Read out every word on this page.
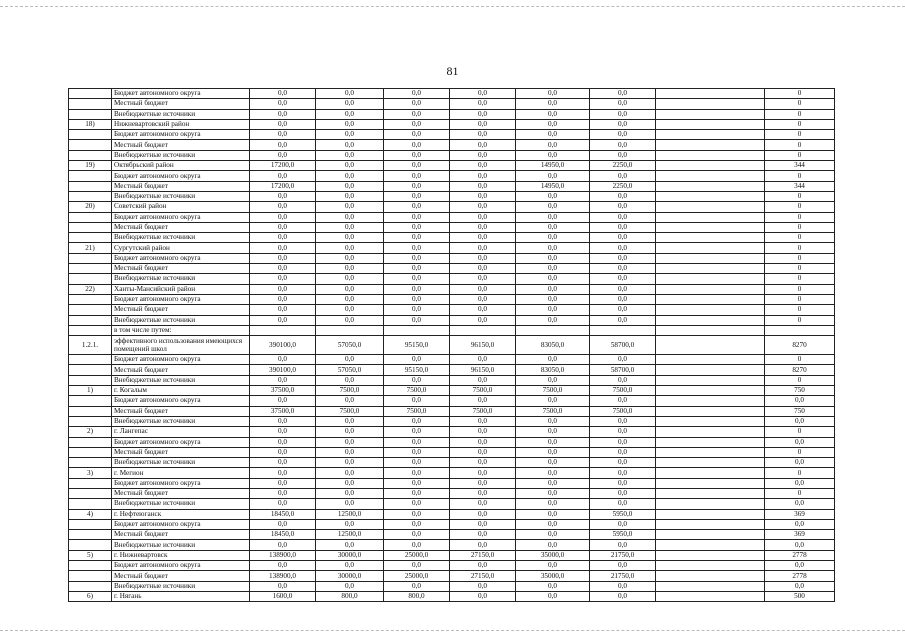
81
	Бюджет автономного округа	0,0	0,0	0,0	0,0	0,0	0,0		0
	Местный бюджет	0,0	0,0	0,0	0,0	0,0	0,0		0
	Внебюджетные источники	0,0	0,0	0,0	0,0	0,0	0,0		0
18)	Нижневартовский район	0,0	0,0	0,0	0,0	0,0	0,0		0
	Бюджет автономного округа	0,0	0,0	0,0	0,0	0,0	0,0		0
	Местный бюджет	0,0	0,0	0,0	0,0	0,0	0,0		0
	Внебюджетные источники	0,0	0,0	0,0	0,0	0,0	0,0		0
19)	Октябрьский район	17200,0	0,0	0,0	0,0	14950,0	2250,0		344
	Бюджет автономного округа	0,0	0,0	0,0	0,0	0,0	0,0		0
	Местный бюджет	17200,0	0,0	0,0	0,0	14950,0	2250,0		344
	Внебюджетные источники	0,0	0,0	0,0	0,0	0,0	0,0		0
20)	Советский район	0,0	0,0	0,0	0,0	0,0	0,0		0
	Бюджет автономного округа	0,0	0,0	0,0	0,0	0,0	0,0		0
	Местный бюджет	0,0	0,0	0,0	0,0	0,0	0,0		0
	Внебюджетные источники	0,0	0,0	0,0	0,0	0,0	0,0		0
21)	Сургутский район	0,0	0,0	0,0	0,0	0,0	0,0		0
	Бюджет автономного округа	0,0	0,0	0,0	0,0	0,0	0,0		0
	Местный бюджет	0,0	0,0	0,0	0,0	0,0	0,0		0
	Внебюджетные источники	0,0	0,0	0,0	0,0	0,0	0,0		0
22)	Ханты-Мансийский район	0,0	0,0	0,0	0,0	0,0	0,0		0
	Бюджет автономного округа	0,0	0,0	0,0	0,0	0,0	0,0		0
	Местный бюджет	0,0	0,0	0,0	0,0	0,0	0,0		0
	Внебюджетные источники	0,0	0,0	0,0	0,0	0,0	0,0		0
	в том числе путем:								
1.2.1.	эффективного использования имеющихся помещений школ	390100,0	57050,0	95150,0	96150,0	83050,0	58700,0		8270
	Бюджет автономного округа	0,0	0,0	0,0	0,0	0,0	0,0		0
	Местный бюджет	390100,0	57050,0	95150,0	96150,0	83050,0	58700,0		8270
	Внебюджетные источники	0,0	0,0	0,0	0,0	0,0	0,0		0
1)	г. Когалым	37500,0	7500,0	7500,0	7500,0	7500,0	7500,0		750
	Бюджет автономного округа	0,0	0,0	0,0	0,0	0,0	0,0		0,0
	Местный бюджет	37500,0	7500,0	7500,0	7500,0	7500,0	7500,0		750
	Внебюджетные источники	0,0	0,0	0,0	0,0	0,0	0,0		0,0
2)	г. Лангепас	0,0	0,0	0,0	0,0	0,0	0,0		0
	Бюджет автономного округа	0,0	0,0	0,0	0,0	0,0	0,0		0,0
	Местный бюджет	0,0	0,0	0,0	0,0	0,0	0,0		0
	Внебюджетные источники	0,0	0,0	0,0	0,0	0,0	0,0		0,0
3)	г. Мегион	0,0	0,0	0,0	0,0	0,0	0,0		0
	Бюджет автономного округа	0,0	0,0	0,0	0,0	0,0	0,0		0,0
	Местный бюджет	0,0	0,0	0,0	0,0	0,0	0,0		0
	Внебюджетные источники	0,0	0,0	0,0	0,0	0,0	0,0		0,0
4)	г. Нефтеюганск	18450,0	12500,0	0,0	0,0	0,0	5950,0		369
	Бюджет автономного округа	0,0	0,0	0,0	0,0	0,0	0,0		0,0
	Местный бюджет	18450,0	12500,0	0,0	0,0	0,0	5950,0		369
	Внебюджетные источники	0,0	0,0	0,0	0,0	0,0	0,0		0,0
5)	г. Нижневартовск	138900,0	30000,0	25000,0	27150,0	35000,0	21750,0		2778
	Бюджет автономного округа	0,0	0,0	0,0	0,0	0,0	0,0		0,0
	Местный бюджет	138900,0	30000,0	25000,0	27150,0	35000,0	21750,0		2778
	Внебюджетные источники	0,0	0,0	0,0	0,0	0,0	0,0		0,0
6)	г. Нягань	1600,0	800,0	800,0	0,0	0,0	0,0		500
